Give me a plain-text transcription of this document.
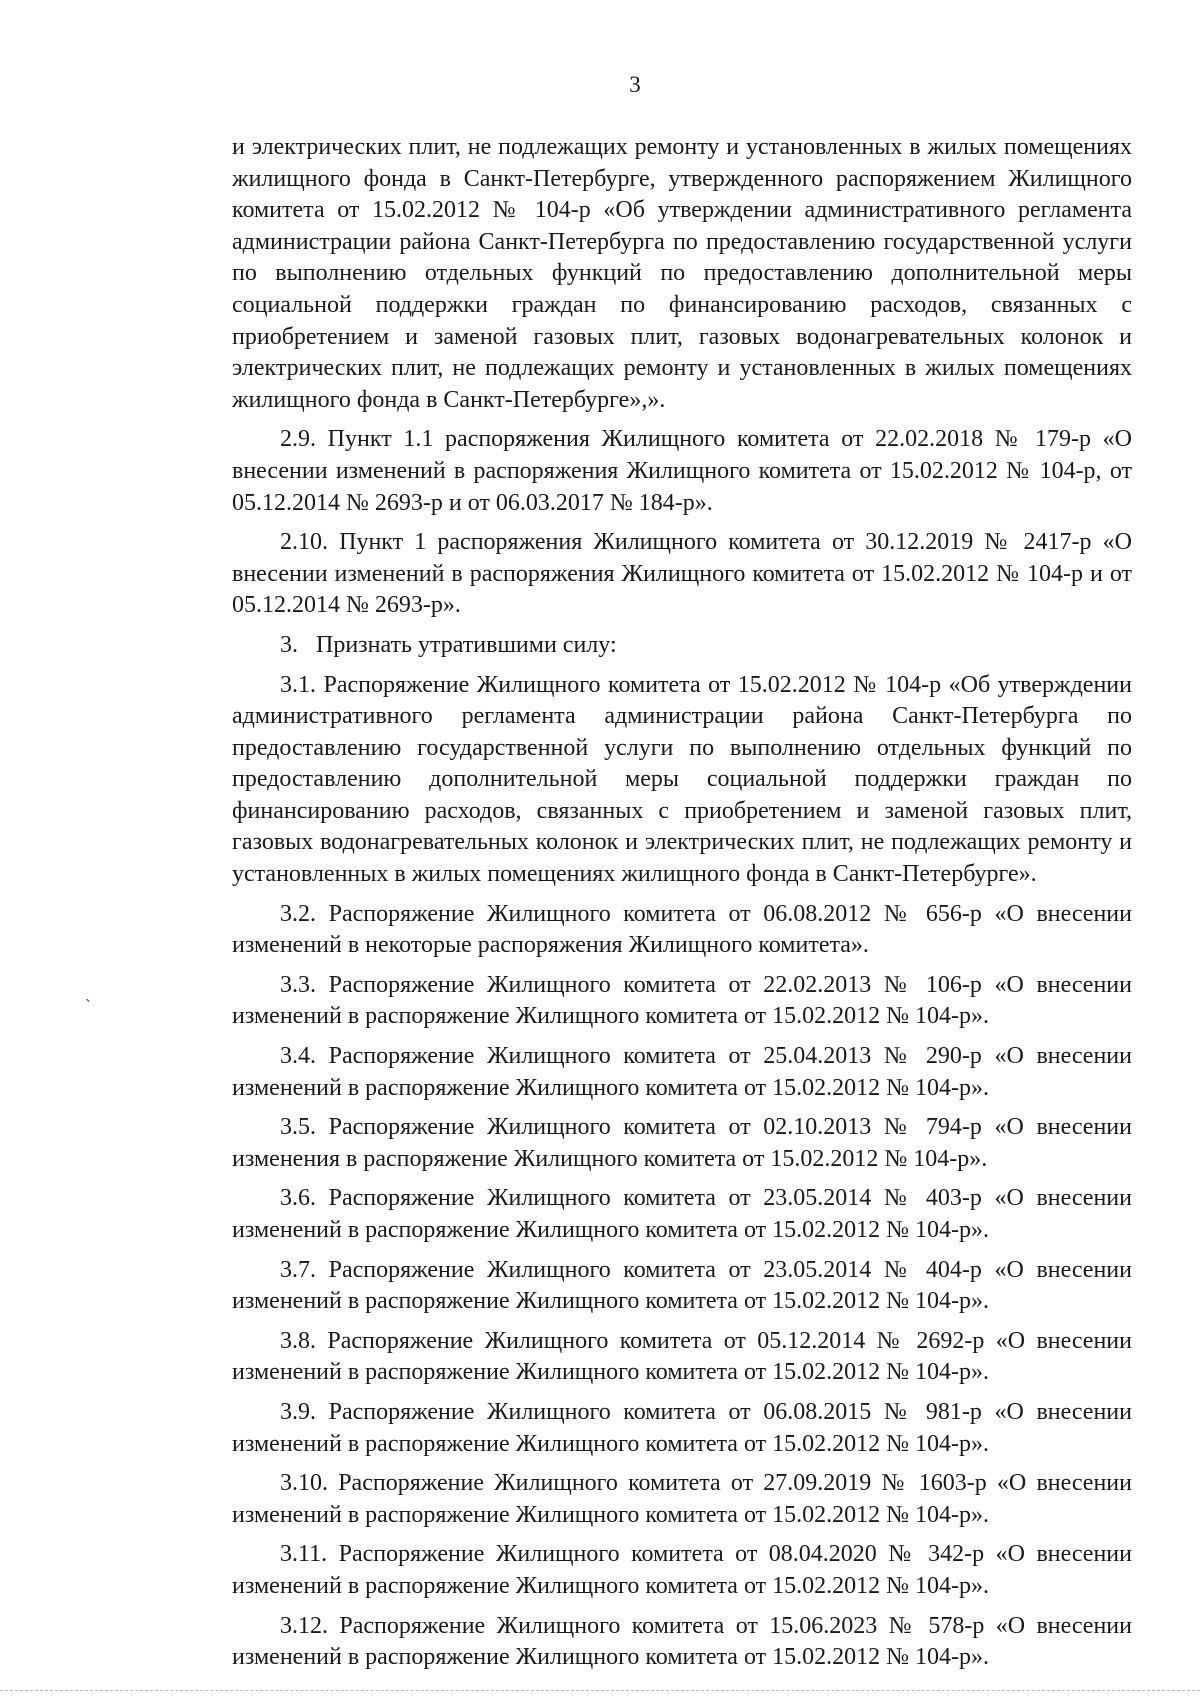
3

и электрических плит, не подлежащих ремонту и установленных в жилых помещениях жилищного фонда в Санкт-Петербурге, утвержденного распоряжением Жилищного комитета от 15.02.2012 № 104-р «Об утверждении административного регламента администрации района Санкт-Петербурга по предоставлению государственной услуги по выполнению отдельных функций по предоставлению дополнительной меры социальной поддержки граждан по финансированию расходов, связанных с приобретением и заменой газовых плит, газовых водонагревательных колонок и электрических плит, не подлежащих ремонту и установленных в жилых помещениях жилищного фонда в Санкт-Петербурге»,».

2.9. Пункт 1.1 распоряжения Жилищного комитета от 22.02.2018 № 179-р «О внесении изменений в распоряжения Жилищного комитета от 15.02.2012 № 104-р, от 05.12.2014 № 2693-р и от 06.03.2017 № 184-р».

2.10. Пункт 1 распоряжения Жилищного комитета от 30.12.2019 № 2417-р «О внесении изменений в распоряжения Жилищного комитета от 15.02.2012 № 104-р и от 05.12.2014 № 2693-р».

3.   Признать утратившими силу:

3.1. Распоряжение Жилищного комитета от 15.02.2012 № 104-р «Об утверждении административного регламента администрации района Санкт-Петербурга по предоставлению государственной услуги по выполнению отдельных функций по предоставлению дополнительной меры социальной поддержки граждан по финансированию расходов, связанных с приобретением и заменой газовых плит, газовых водонагревательных колонок и электрических плит, не подлежащих ремонту и установленных в жилых помещениях жилищного фонда в Санкт-Петербурге».

3.2. Распоряжение Жилищного комитета от 06.08.2012 № 656-р «О внесении изменений в некоторые распоряжения Жилищного комитета».

3.3. Распоряжение Жилищного комитета от 22.02.2013 № 106-р «О внесении изменений в распоряжение Жилищного комитета от 15.02.2012 № 104-р».

3.4. Распоряжение Жилищного комитета от 25.04.2013 № 290-р «О внесении изменений в распоряжение Жилищного комитета от 15.02.2012 № 104-р».

3.5. Распоряжение Жилищного комитета от 02.10.2013 № 794-р «О внесении изменения в распоряжение Жилищного комитета от 15.02.2012 № 104-р».

3.6. Распоряжение Жилищного комитета от 23.05.2014 № 403-р «О внесении изменений в распоряжение Жилищного комитета от 15.02.2012 № 104-р».

3.7. Распоряжение Жилищного комитета от 23.05.2014 № 404-р «О внесении изменений в распоряжение Жилищного комитета от 15.02.2012 № 104-р».

3.8. Распоряжение Жилищного комитета от 05.12.2014 № 2692-р «О внесении изменений в распоряжение Жилищного комитета от 15.02.2012 № 104-р».

3.9. Распоряжение Жилищного комитета от 06.08.2015 № 981-р «О внесении изменений в распоряжение Жилищного комитета от 15.02.2012 № 104-р».

3.10. Распоряжение Жилищного комитета от 27.09.2019 № 1603-р «О внесении изменений в распоряжение Жилищного комитета от 15.02.2012 № 104-р».

3.11. Распоряжение Жилищного комитета от 08.04.2020 № 342-р «О внесении изменений в распоряжение Жилищного комитета от 15.02.2012 № 104-р».

3.12. Распоряжение Жилищного комитета от 15.06.2023 № 578-р «О внесении изменений в распоряжение Жилищного комитета от 15.02.2012 № 104-р».

ˋ
